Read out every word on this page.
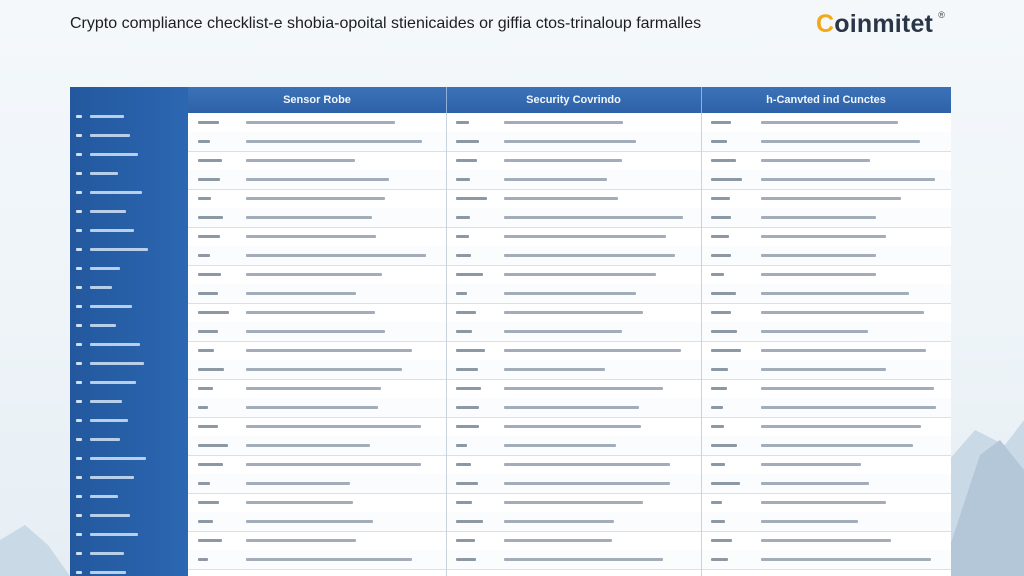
Crypto compliance checklist-e shobia-opoital stienicaides or giffia ctos-trinaloup farmalles	Coinmitet ®
Sensor Robe	Security Covrindo	h-Canvted ind Cunctes
